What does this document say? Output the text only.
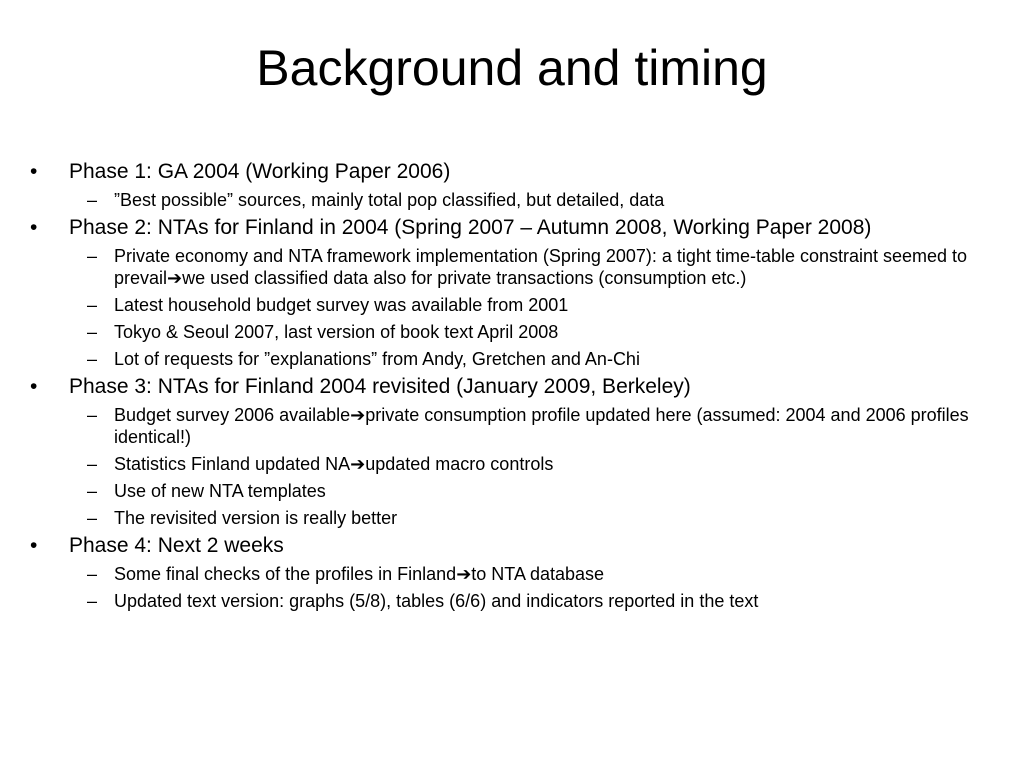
Background and timing
• Phase 1: GA 2004 (Working Paper 2006)
– ”Best possible” sources, mainly total pop classified, but detailed, data
• Phase 2: NTAs for Finland in 2004 (Spring 2007 – Autumn 2008, Working Paper 2008)
– Private economy and NTA framework implementation (Spring 2007): a tight time-table constraint seemed to prevail➔we used classified data also for private transactions (consumption etc.)
– Latest household budget survey was available from 2001
– Tokyo & Seoul 2007, last version of book text April 2008
– Lot of requests for ”explanations” from Andy, Gretchen and An-Chi
• Phase 3: NTAs for Finland 2004 revisited (January 2009, Berkeley)
– Budget survey 2006 available➔private consumption profile updated here (assumed: 2004 and 2006 profiles identical!)
– Statistics Finland updated NA➔updated macro controls
– Use of new NTA templates
– The revisited version is really better
• Phase 4: Next 2 weeks
– Some final checks of the profiles in Finland➔to NTA database
– Updated text version: graphs (5/8), tables (6/6) and indicators reported in the text
